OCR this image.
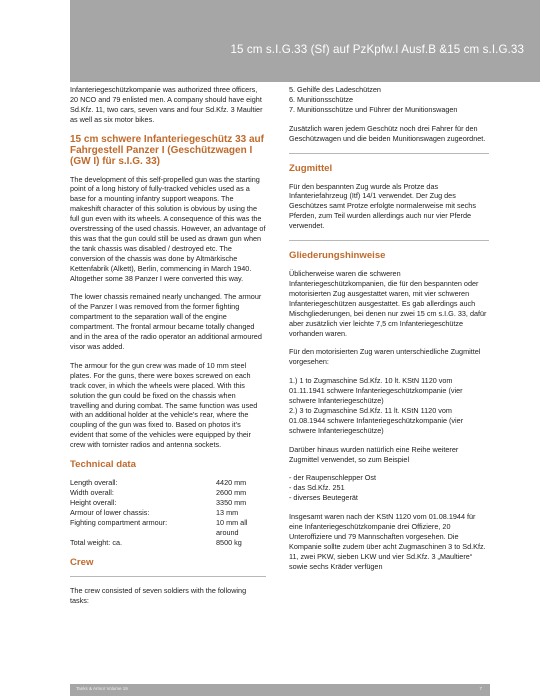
15 cm s.I.G.33 (Sf) auf PzKpfw.I Ausf.B &15 cm s.I.G.33

Infanteriegeschützkompanie was authorized three officers, 20 NCO and 79 enlisted men. A company should have eight Sd.Kfz. 11, two cars, seven vans and four Sd.Kfz. 3 Maultier as well as six motor bikes.

15 cm schwere Infanteriegeschütz 33 auf Fahrgestell Panzer I (Geschützwagen I (GW I) für s.I.G. 33)

The development of this self-propelled gun was the starting point of a long history of fully-tracked vehicles used as a base for a mounting infantry support weapons. The makeshift character of this solution is obvious by using the full gun even with its wheels. A consequence of this was the overstressing of the used chassis. However, an advantage of this was that the gun could still be used as drawn gun when the tank chassis was disabled / destroyed etc. The conversion of the chassis was done by Altmärkische Kettenfabrik (Alkett), Berlin, commencing in March 1940. Altogether some 38 Panzer I were converted this way.

The lower chassis remained nearly unchanged. The armour of the Panzer I was removed from the former fighting compartment to the separation wall of the engine compartment. The frontal armour became totally changed and in the area of the radio operator an additional armoured visor was added.

The armour for the gun crew was made of 10 mm steel plates. For the guns, there were boxes screwed on each track cover, in which the wheels were placed. With this solution the gun could be fixed on the chassis when travelling and during combat. The same function was used with an additional holder at the vehicle’s rear, where the coupling of the gun was fixed to. Based on photos it’s evident that some of the vehicles were equipped by their crew with tornister radios and antenna sockets.

Technical data
Length overall:	4420 mm
Width overall:	2600 mm
Height overall:	3350 mm
Armour of lower chassis:	13 mm
Fighting compartment armour:	10 mm all around
Total weight: ca.	8500 kg
Crew

The crew consisted of seven soldiers with the following tasks:

5. Gehilfe des Ladeschützen
6. Munitionsschütze
7. Munitionsschütze und Führer der Munitionswagen

Zusätzlich waren jedem Geschütz noch drei Fahrer für den Geschützwagen und die beiden Munitionswagen zugeordnet.

Zugmittel

Für den bespannten Zug wurde als Protze das Infanteriefahrzeug (Itf) 14/1 verwendet. Der Zug des Geschützes samt Protze erfolgte normalerweise mit sechs Pferden, zum Teil wurden allerdings auch nur vier Pferde verwendet.

Gliederungshinweise

Üblicherweise waren die schweren Infanteriegeschützkompanien, die für den bespannten oder motorisierten Zug ausgestattet waren, mit vier schweren Infanteriegeschützen ausgestattet. Es gab allerdings auch Mischgliederungen, bei denen nur zwei 15 cm s.I.G. 33, dafür aber zusätzlich vier leichte 7,5 cm Infanteriegeschütze vorhanden waren.

Für den motorisierten Zug waren unterschiedliche Zugmittel vorgesehen:

1.) 1 to Zugmaschine Sd.Kfz. 10 lt. KStN 1120 vom 01.11.1941 schwere Infanteriegeschützkompanie (vier schwere Infanteriegeschütze)
2.) 3 to Zugmaschine Sd.Kfz. 11 lt. KStN 1120 vom 01.08.1944 schwere Infanteriegeschützkompanie (vier schwere Infanteriegeschütze)

Darüber hinaus wurden natürlich eine Reihe weiterer Zugmittel verwendet, so zum Beispiel

- der Raupenschlepper Ost
- das Sd.Kfz. 251
- diverses Beutegerät

Insgesamt waren nach der KStN 1120 vom 01.08.1944 für eine Infanteriegeschützkompanie drei Offiziere, 20 Unteroffiziere und 79 Mannschaften vorgesehen. Die Kompanie sollte zudem über acht Zugmaschinen 3 to Sd.Kfz. 11, zwei PKW, sieben LKW und vier Sd.Kfz. 3 „Maultiere“ sowie sechs Kräder verfügen

Tanks & Armor Volume 19	7
